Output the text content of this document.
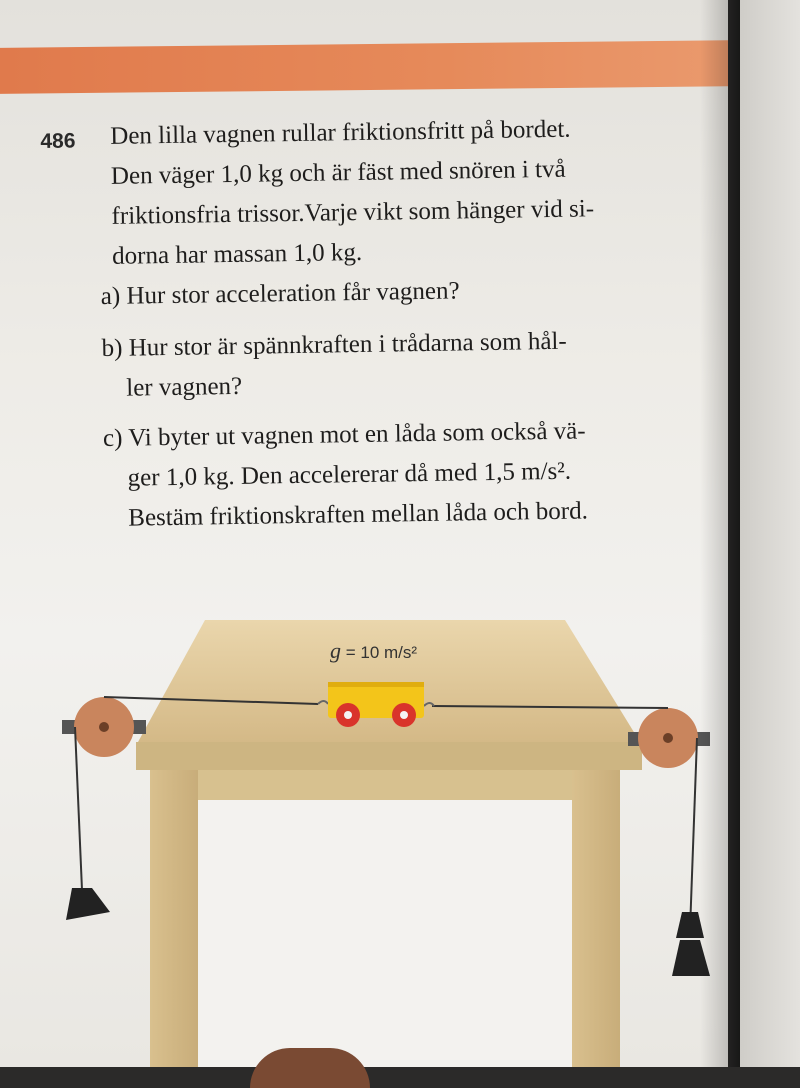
486 Den lilla vagnen rullar friktionsfritt på bordet.
Den väger 1,0 kg och är fäst med snören i två
friktionsfria trissor.Varje vikt som hänger vid si-
dorna har massan 1,0 kg.
a) Hur stor acceleration får vagnen?
b) Hur stor är spännkraften i trådarna som hål-
ler vagnen?
c) Vi byter ut vagnen mot en låda som också vä-
ger 1,0 kg. Den accelererar då med 1,5 m/s².
Bestäm friktionskraften mellan låda och bord.
g = 10 m/s²
